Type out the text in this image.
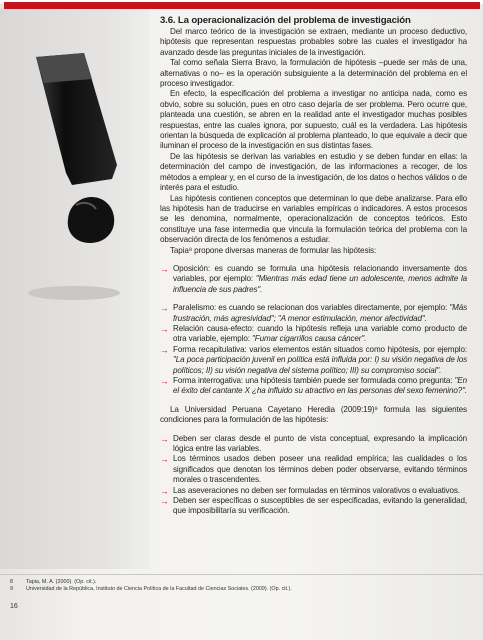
3.6. La operacionalización del problema de investigación

Del marco teórico de la investigación se extraen, mediante un proceso deductivo, hipótesis que representan respuestas probables sobre las cuales el investigador ha avanzado desde las preguntas iniciales de la investigación.

Tal como señala Sierra Bravo, la formulación de hipótesis –puede ser más de una, alternativas o no– es la operación subsiguiente a la determinación del problema en el proceso investigador.

En efecto, la especificación del problema a investigar no anticipa nada, como es obvio, sobre su solución, pues en otro caso dejaría de ser problema. Pero ocurre que, planteada una cuestión, se abren en la realidad ante el investigador muchas posibles respuestas, entre las cuales ignora, por supuesto, cuál es la verdadera. Las hipótesis orientan la búsqueda de explicación al problema planteado, lo que equivale a decir que iluminan el proceso de la investigación en sus distintas fases.

De las hipótesis se derivan las variables en estudio y se deben fundar en ellas: la determinación del campo de investigación, de las informaciones a recoger, de los métodos a emplear y, en el curso de la investigación, de los datos o hechos válidos o de interés para el estudio.

Las hipótesis contienen conceptos que determinan lo que debe analizarse. Para ello las hipótesis han de traducirse en variables empíricas o indicadores. A estos procesos se les denomina, normalmente, operacionalización de conceptos teóricos. Esto constituye una fase intermedia que vincula la formulación teórica del problema con la observación directa de los fenómenos a estudiar.

Tapia⁸ propone diversas maneras de formular las hipótesis:

→ Oposición: es cuando se formula una hipótesis relacionando inversamente dos variables, por ejemplo: "Mientras más edad tiene un adolescente, menos admite la influencia de sus padres".
→ Paralelismo: es cuando se relacionan dos variables directamente, por ejemplo: "Más frustración, más agresividad"; "A menor estimulación, menor afectividad".
→ Relación causa-efecto: cuando la hipótesis refleja una variable como producto de otra variable, ejemplo: "Fumar cigarrillos causa cáncer".
→ Forma recapitulativa: varios elementos están situados como hipótesis, por ejemplo: "La poca participación juvenil en política está influida por: I) su visión negativa de los políticos; II) su visión negativa del sistema político; III) su compromiso social".
→ Forma interrogativa: una hipótesis también puede ser formulada como pregunta: "En el éxito del cantante X ¿ha influido su atractivo en las personas del sexo femenino?".

La Universidad Peruana Cayetano Heredia (2009:19)⁹ formula las siguientes condiciones para la formulación de las hipótesis:

→ Deben ser claras desde el punto de vista conceptual, expresando la implicación lógica entre las variables.
→ Los términos usados deben poseer una realidad empírica; las cualidades o los significados que denotan los términos deben poder observarse, evitando términos morales o trascendentes.
→ Las aseveraciones no deben ser formuladas en términos valorativos o evaluativos.
→ Deben ser específicas o susceptibles de ser especificadas, evitando la generalidad, que imposibilitaría su verificación.
8 Tapia, M. A. (2000). (Op. cit.).
9 Universidad de la República, Instituto de Ciencia Política de la Facultad de Ciencias Sociales. (2009). (Op. cit.).
16
